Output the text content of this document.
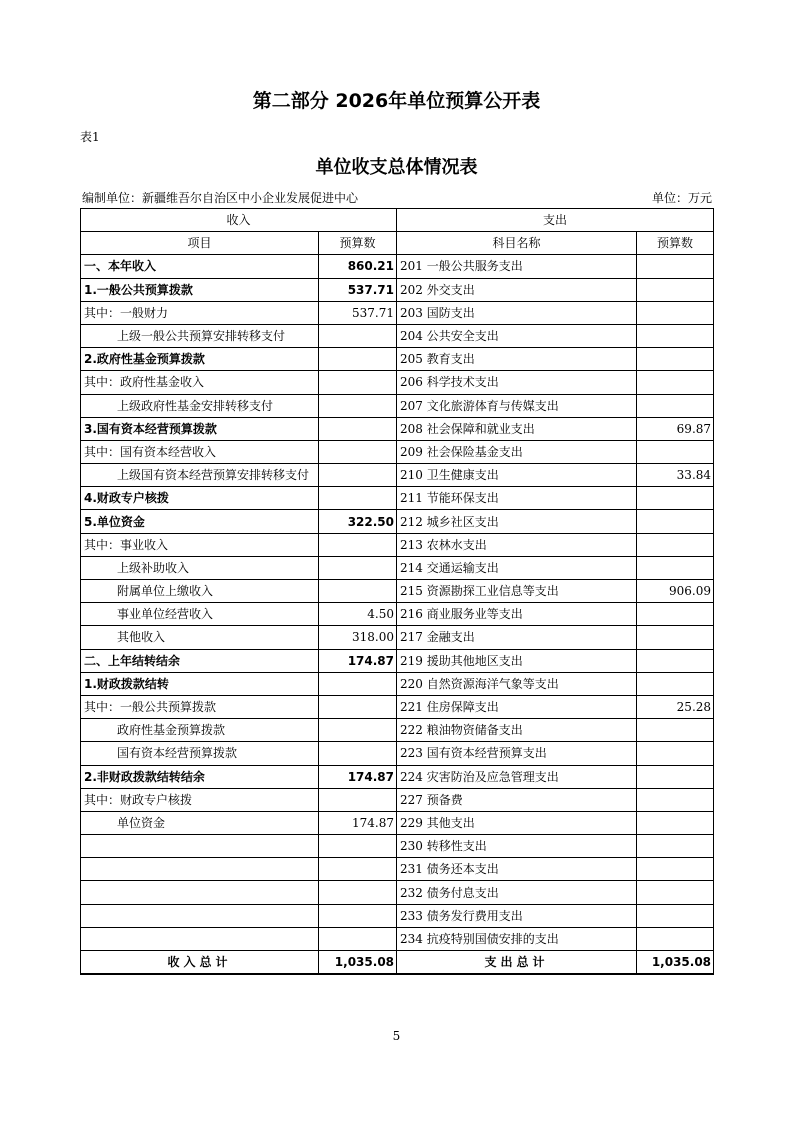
第二部分 2026年单位预算公开表
表1
单位收支总体情况表
编制单位：新疆维吾尔自治区中小企业发展促进中心	单位：万元
收入		支出	
项目	预算数	科目名称	预算数
一、本年收入	860.21	201 一般公共服务支出	
1.一般公共预算拨款	537.71	202 外交支出	
其中：一般财力	537.71	203 国防支出	
上级一般公共预算安排转移支付		204 公共安全支出	
2.政府性基金预算拨款		205 教育支出	
其中：政府性基金收入		206 科学技术支出	
上级政府性基金安排转移支付		207 文化旅游体育与传媒支出	
3.国有资本经营预算拨款		208 社会保障和就业支出	69.87
其中：国有资本经营收入		209 社会保险基金支出	
上级国有资本经营预算安排转移支付		210 卫生健康支出	33.84
4.财政专户核拨		211 节能环保支出	
5.单位资金	322.50	212 城乡社区支出	
其中：事业收入		213 农林水支出	
上级补助收入		214 交通运输支出	
附属单位上缴收入		215 资源勘探工业信息等支出	906.09
事业单位经营收入	4.50	216 商业服务业等支出	
其他收入	318.00	217 金融支出	
二、上年结转结余	174.87	219 援助其他地区支出	
1.财政拨款结转		220 自然资源海洋气象等支出	
其中：一般公共预算拨款		221 住房保障支出	25.28
政府性基金预算拨款		222 粮油物资储备支出	
国有资本经营预算拨款		223 国有资本经营预算支出	
2.非财政拨款结转结余	174.87	224 灾害防治及应急管理支出	
其中：财政专户核拨		227 预备费	
单位资金	174.87	229 其他支出	
		230 转移性支出	
		231 债务还本支出	
		232 债务付息支出	
		233 债务发行费用支出	
		234 抗疫特别国债安排的支出	
收入总计	1,035.08	支出总计	1,035.08
5
